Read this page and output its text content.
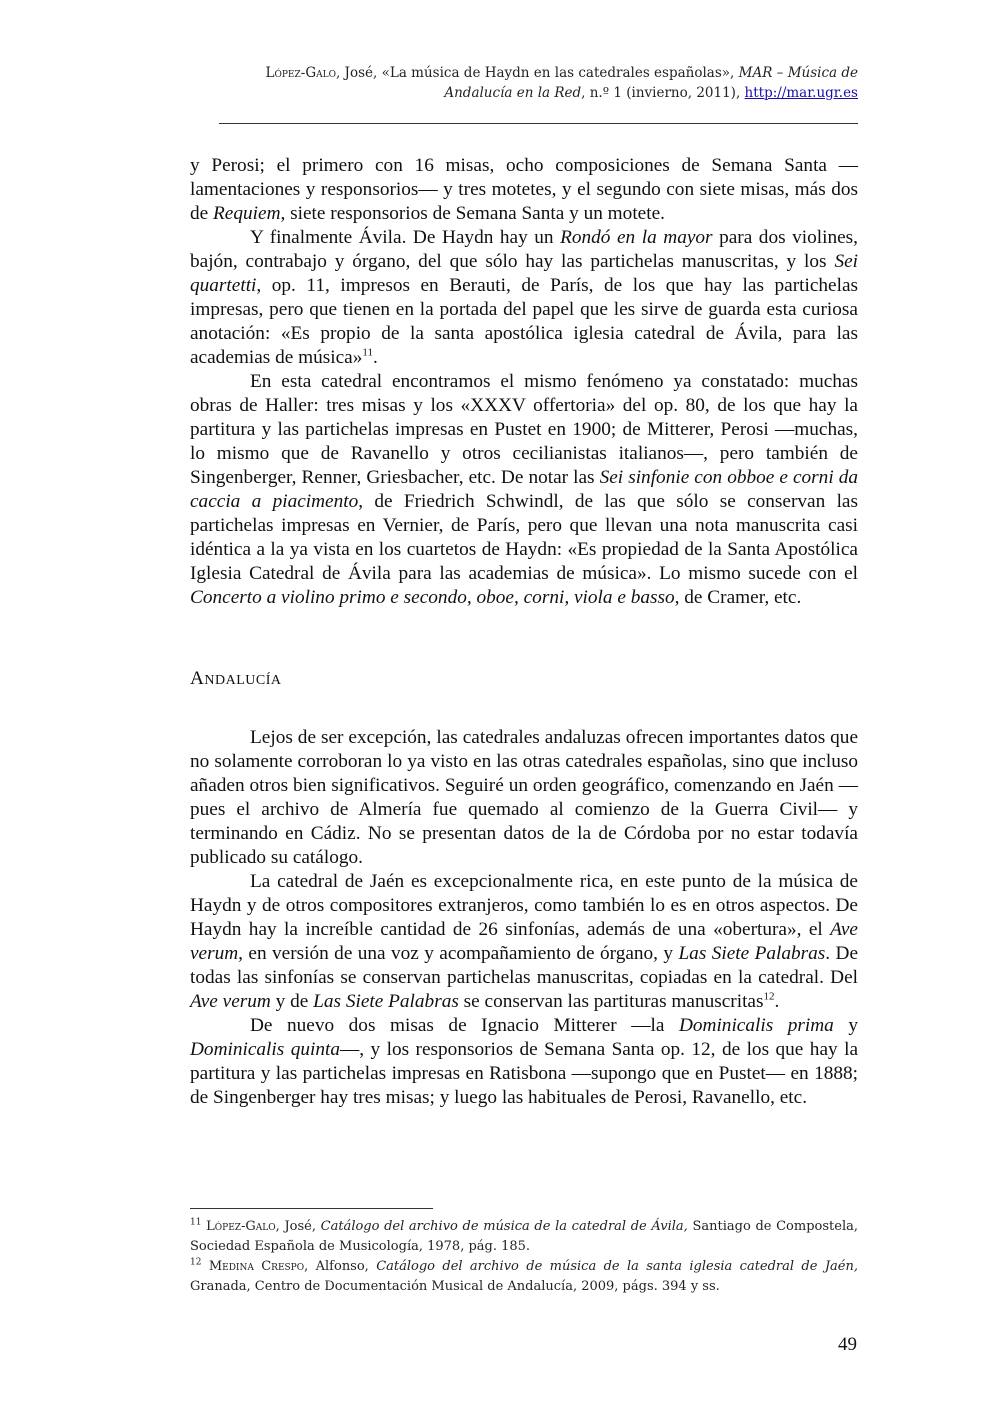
López-Galo, José, «La música de Haydn en las catedrales españolas», MAR – Música de Andalucía en la Red, n.º 1 (invierno, 2011), http://mar.ugr.es

y Perosi; el primero con 16 misas, ocho composiciones de Semana Santa —lamentaciones y responsorios— y tres motetes, y el segundo con siete misas, más dos de Requiem, siete responsorios de Semana Santa y un motete.

Y finalmente Ávila. De Haydn hay un Rondó en la mayor para dos violines, bajón, contrabajo y órgano, del que sólo hay las partichelas manuscritas, y los Sei quartetti, op. 11, impresos en Berauti, de París, de los que hay las partichelas impresas, pero que tienen en la portada del papel que les sirve de guarda esta curiosa anotación: «Es propio de la santa apostólica iglesia catedral de Ávila, para las academias de música»$^{11}$.

En esta catedral encontramos el mismo fenómeno ya constatado: muchas obras de Haller: tres misas y los «XXXV offertoria» del op. 80, de los que hay la partitura y las partichelas impresas en Pustet en 1900; de Mitterer, Perosi —muchas, lo mismo que de Ravanello y otros cecilianistas italianos—, pero también de Singenberger, Renner, Griesbacher, etc. De notar las Sei sinfonie con obboe e corni da caccia a piacimento, de Friedrich Schwindl, de las que sólo se conservan las partichelas impresas en Vernier, de París, pero que llevan una nota manuscrita casi idéntica a la ya vista en los cuartetos de Haydn: «Es propiedad de la Santa Apostólica Iglesia Catedral de Ávila para las academias de música». Lo mismo sucede con el Concerto a violino primo e secondo, oboe, corni, viola e basso, de Cramer, etc.

Andalucía

Lejos de ser excepción, las catedrales andaluzas ofrecen importantes datos que no solamente corroboran lo ya visto en las otras catedrales españolas, sino que incluso añaden otros bien significativos. Seguiré un orden geográfico, comenzando en Jaén —pues el archivo de Almería fue quemado al comienzo de la Guerra Civil— y terminando en Cádiz. No se presentan datos de la de Córdoba por no estar todavía publicado su catálogo.

La catedral de Jaén es excepcionalmente rica, en este punto de la música de Haydn y de otros compositores extranjeros, como también lo es en otros aspectos. De Haydn hay la increíble cantidad de 26 sinfonías, además de una «obertura», el Ave verum, en versión de una voz y acompañamiento de órgano, y Las Siete Palabras. De todas las sinfonías se conservan partichelas manuscritas, copiadas en la catedral. Del Ave verum y de Las Siete Palabras se conservan las partituras manuscritas$^{12}$.

De nuevo dos misas de Ignacio Mitterer —la Dominicalis prima y Dominicalis quinta—, y los responsorios de Semana Santa op. 12, de los que hay la partitura y las partichelas impresas en Ratisbona —supongo que en Pustet— en 1888; de Singenberger hay tres misas; y luego las habituales de Perosi, Ravanello, etc.

$^{11}$ López-Galo, José, Catálogo del archivo de música de la catedral de Ávila, Santiago de Compostela, Sociedad Española de Musicología, 1978, pág. 185.

$^{12}$ Medina Crespo, Alfonso, Catálogo del archivo de música de la santa iglesia catedral de Jaén, Granada, Centro de Documentación Musical de Andalucía, 2009, págs. 394 y ss.

49
